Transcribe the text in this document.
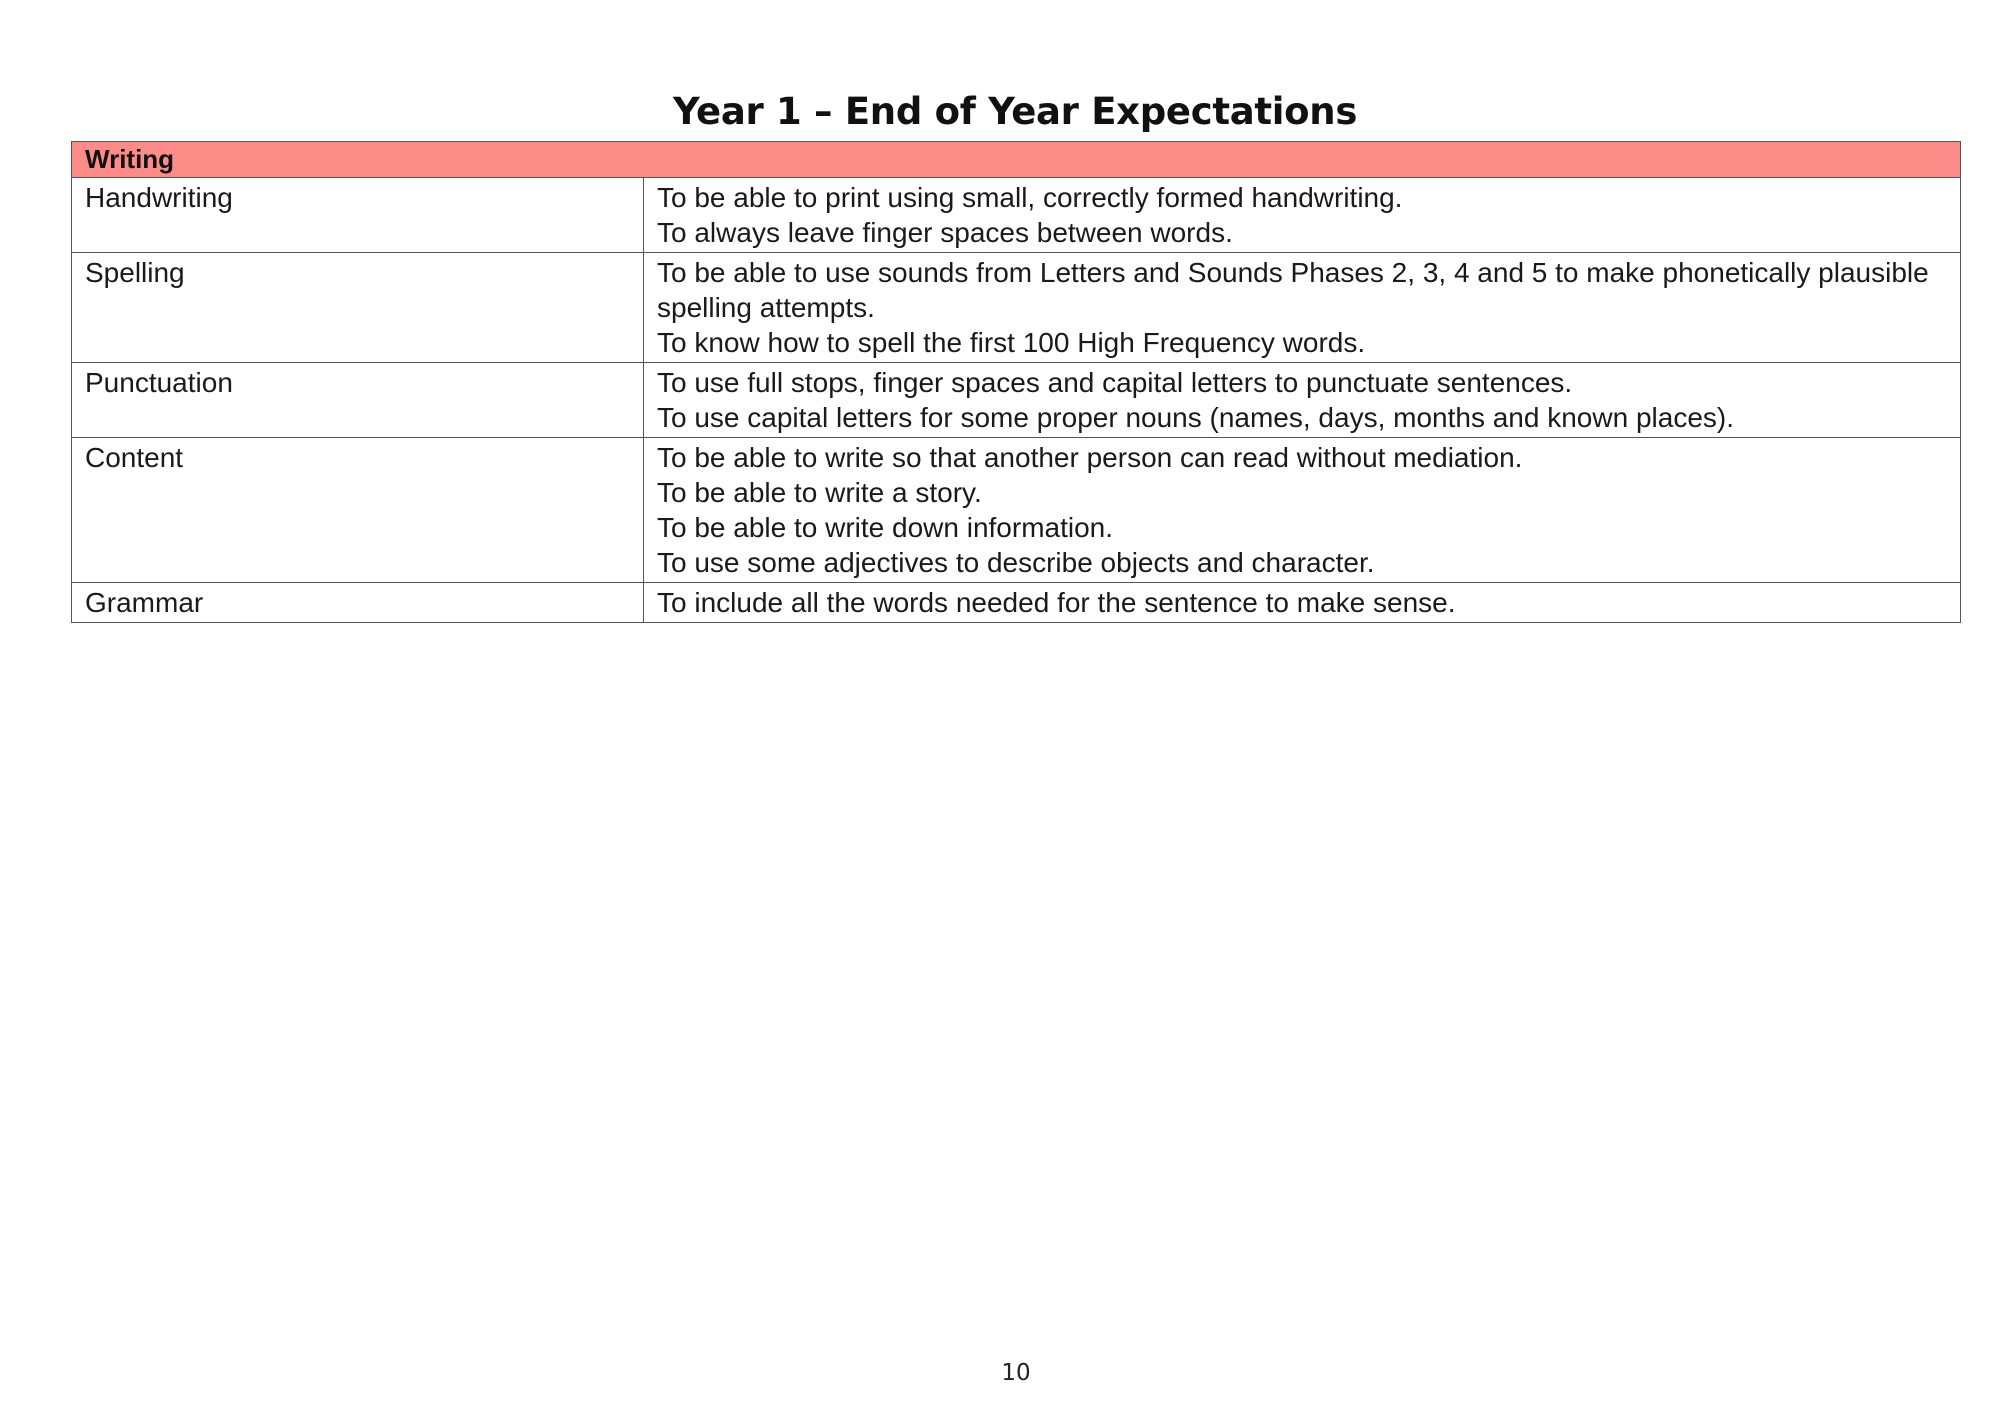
Year 1 – End of Year Expectations
Writing	
Handwriting	To be able to print using small, correctly formed handwriting.
To always leave finger spaces between words.

Spelling	To be able to use sounds from Letters and Sounds Phases 2, 3, 4 and 5 to make phonetically plausible spelling attempts.
To know how to spell the first 100 High Frequency words.

Punctuation	To use full stops, finger spaces and capital letters to punctuate sentences.
To use capital letters for some proper nouns (names, days, months and known places).

Content	To be able to write so that another person can read without mediation.
To be able to write a story.
To be able to write down information.
To use some adjectives to describe objects and character.

Grammar	To include all the words needed for the sentence to make sense.
10
